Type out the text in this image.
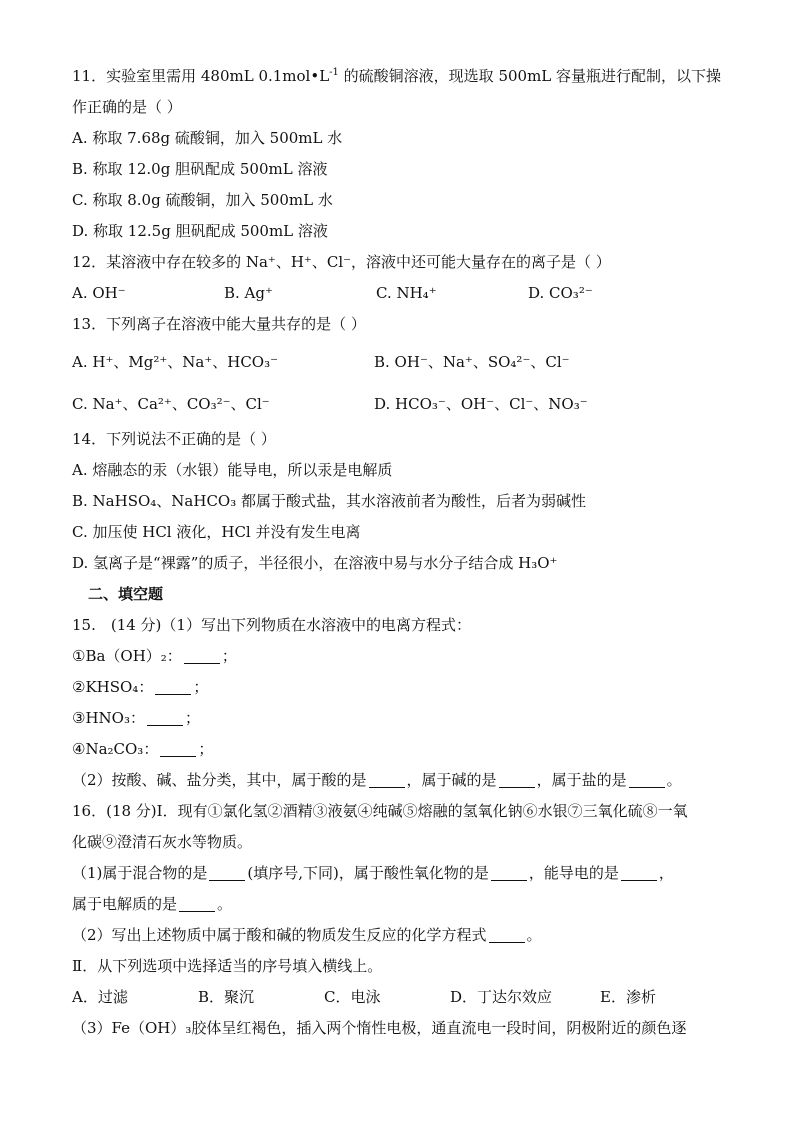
11．实验室里需用 480mL $0.1mol•L^{-1}$ 的硫酸铜溶液，现选取 500mL 容量瓶进行配制，以下操
作正确的是（ ）
A. 称取 7.68g 硫酸铜，加入 500mL 水
B. 称取 12.0g 胆矾配成 500mL 溶液
C. 称取 8.0g 硫酸铜，加入 500mL 水
D. 称取 12.5g 胆矾配成 500mL 溶液
12．某溶液中存在较多的 Na⁺、H⁺、Cl⁻，溶液中还可能大量存在的离子是（ ）
A. OH⁻	B. Ag⁺	C. NH₄⁺	D. CO₃²⁻
13．下列离子在溶液中能大量共存的是（ ）
A. H⁺、Mg²⁺、Na⁺、HCO₃⁻	B. OH⁻、Na⁺、SO₄²⁻、Cl⁻
C. Na⁺、Ca²⁺、CO₃²⁻、Cl⁻	D. HCO₃⁻、OH⁻、Cl⁻、NO₃⁻
14．下列说法不正确的是（ ）
A. 熔融态的汞（水银）能导电，所以汞是电解质
B. NaHSO₄、NaHCO₃ 都属于酸式盐，其水溶液前者为酸性，后者为弱碱性
C. 加压使 HCl 液化，HCl 并没有发生电离
D. 氢离子是“裸露”的质子，半径很小，在溶液中易与水分子结合成 H₃O⁺
二、填空题
15.　(14 分)（1）写出下列物质在水溶液中的电离方程式：
①Ba（OH）₂：	；
②KHSO₄：	；
③HNO₃：	；
④Na₂CO₃：	；
（2）按酸、碱、盐分类，其中，属于酸的是	，属于碱的是	，属于盐的是	。
16．(18 分)Ⅰ．现有①氯化氢②酒精③液氨④纯碱⑤熔融的氢氧化钠⑥水银⑦三氧化硫⑧一氧
化碳⑨澄清石灰水等物质。
（1)属于混合物的是	(填序号,下同)，属于酸性氧化物的是	，能导电的是	，
属于电解质的是	。
（2）写出上述物质中属于酸和碱的物质发生反应的化学方程式	。
Ⅱ．从下列选项中选择适当的序号填入横线上。
A．过滤	B．聚沉	C．电泳	D．丁达尔效应	E．渗析
（3）Fe（OH）₃胶体呈红褐色，插入两个惰性电极，通直流电一段时间，阴极附近的颜色逐
